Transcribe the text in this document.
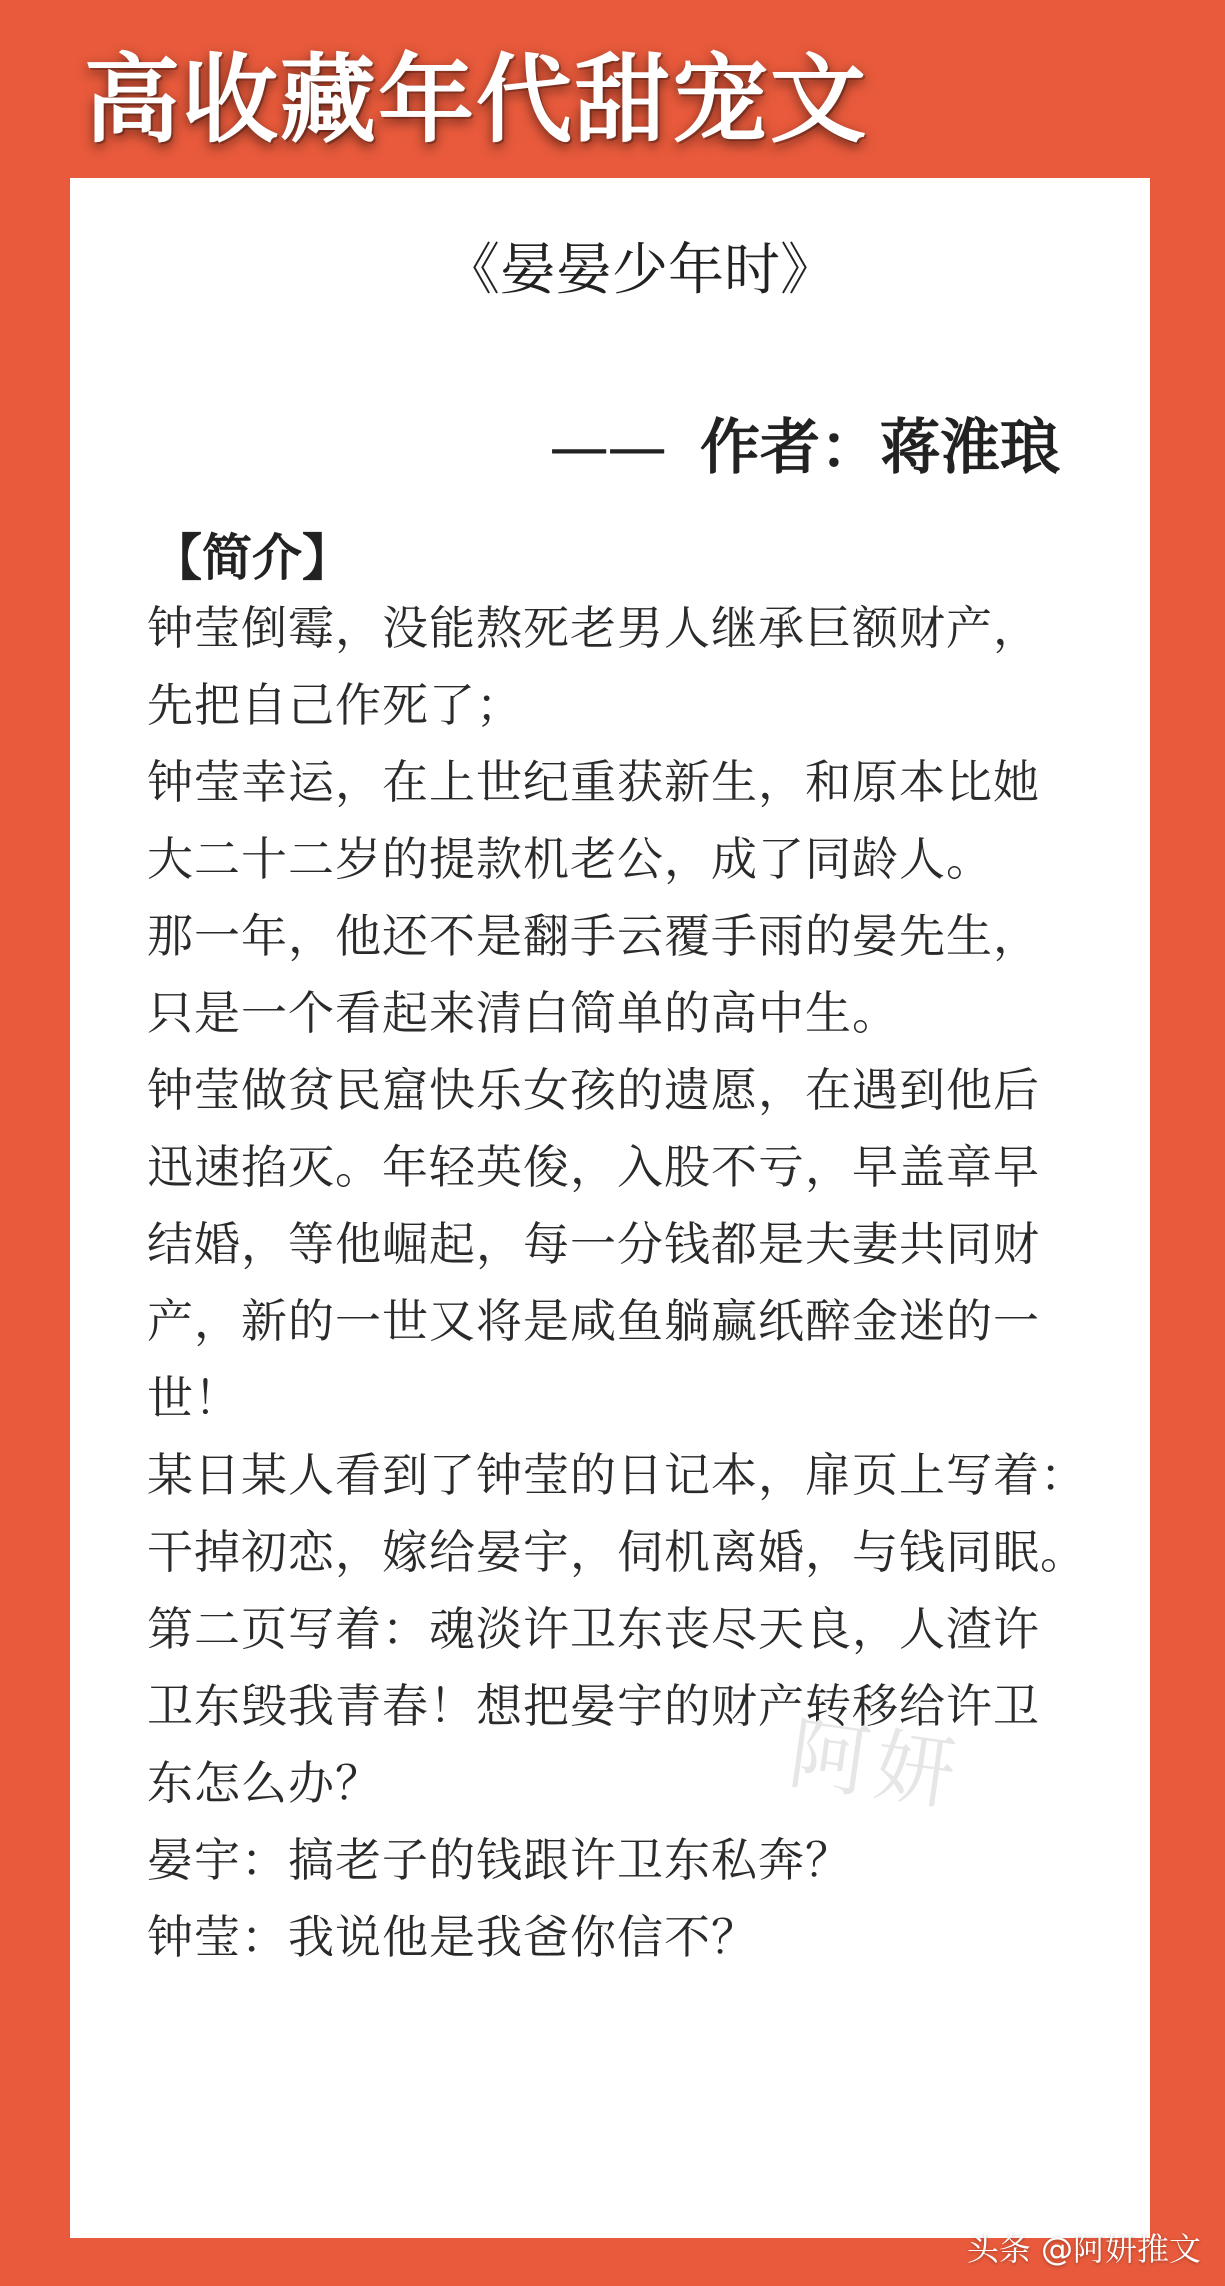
高收藏年代甜宠文
《晏晏少年时》
—— 作者：蒋淮琅
【简介】
钟莹倒霉，没能熬死老男人继承巨额财产，
先把自己作死了；
钟莹幸运，在上世纪重获新生，和原本比她
大二十二岁的提款机老公，成了同龄人。
那一年，他还不是翻手云覆手雨的晏先生，
只是一个看起来清白简单的高中生。
钟莹做贫民窟快乐女孩的遗愿，在遇到他后
迅速掐灭。年轻英俊，入股不亏，早盖章早
结婚，等他崛起，每一分钱都是夫妻共同财
产，新的一世又将是咸鱼躺赢纸醉金迷的一
世！
某日某人看到了钟莹的日记本，扉页上写着：
干掉初恋，嫁给晏宇，伺机离婚，与钱同眠。
第二页写着：魂淡许卫东丧尽天良，人渣许
卫东毁我青春！想把晏宇的财产转移给许卫
东怎么办？
晏宇：搞老子的钱跟许卫东私奔？
钟莹：我说他是我爸你信不？
阿妍
头条 @阿妍推文
